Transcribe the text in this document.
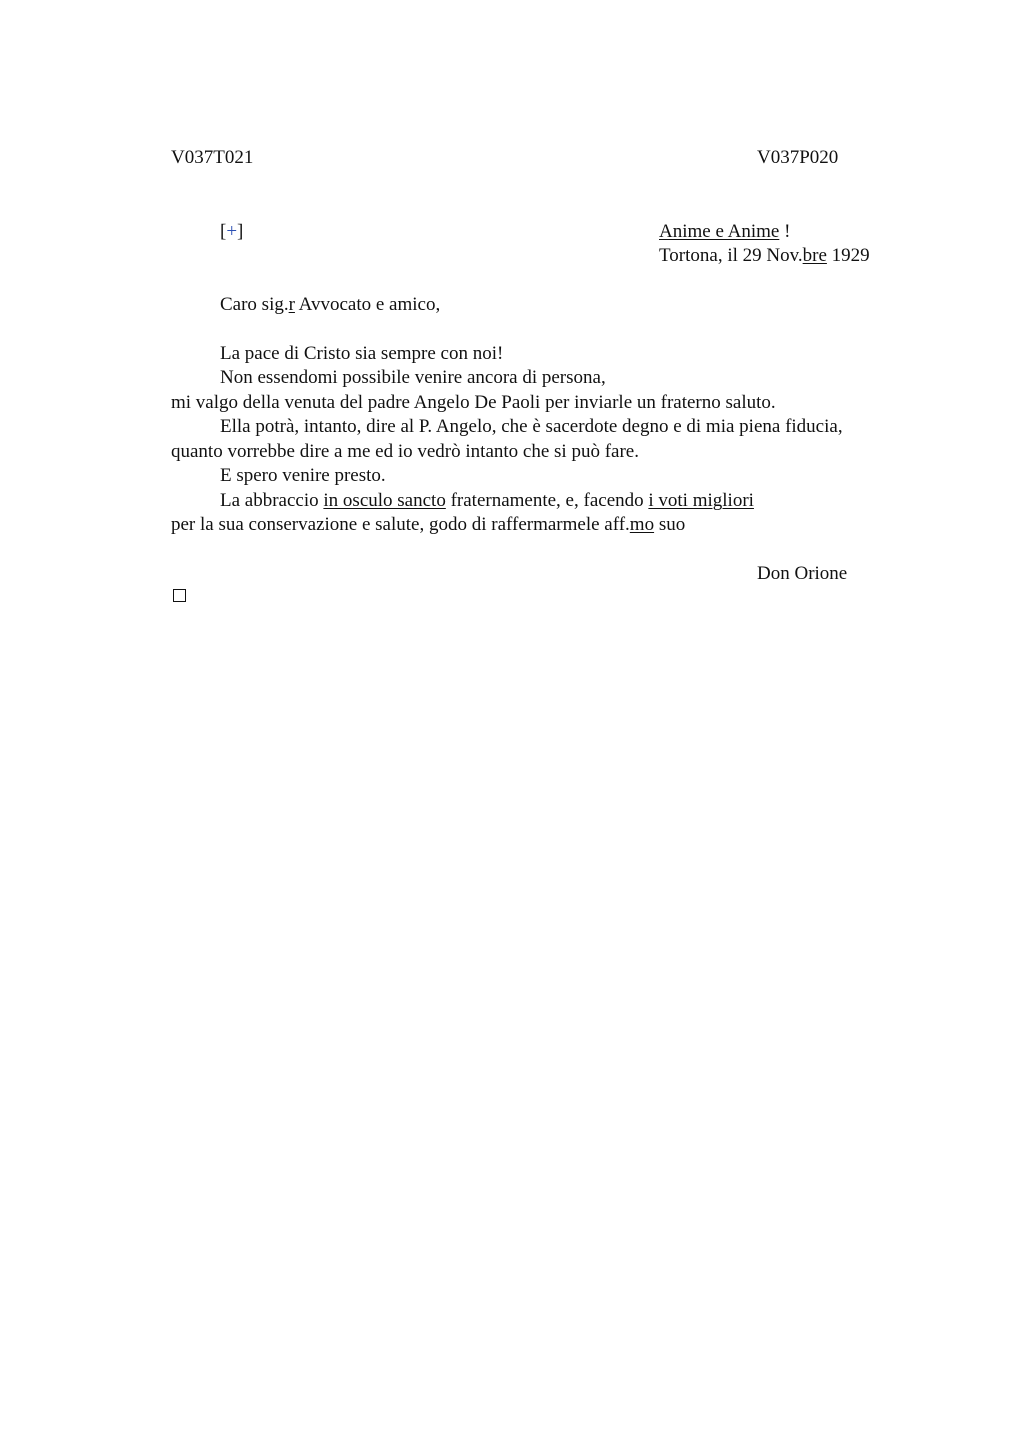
V037T021	V037P020
[+]	Anime e Anime !
Tortona, il 29 Nov.bre 1929
Caro sig.r Avvocato e amico,
La pace di Cristo sia sempre con noi!
Non essendomi possibile venire ancora di persona,
mi valgo della venuta del padre Angelo De Paoli per inviarle un fraterno saluto.
Ella potrà, intanto, dire al P. Angelo, che è sacerdote degno e di mia piena fiducia,
quanto vorrebbe dire a me ed io vedrò intanto che si può fare.
E spero venire presto.
La abbraccio in osculo sancto fraternamente, e, facendo i voti migliori
per la sua conservazione e salute, godo di raffermarmele aff.mo suo
Don Orione
